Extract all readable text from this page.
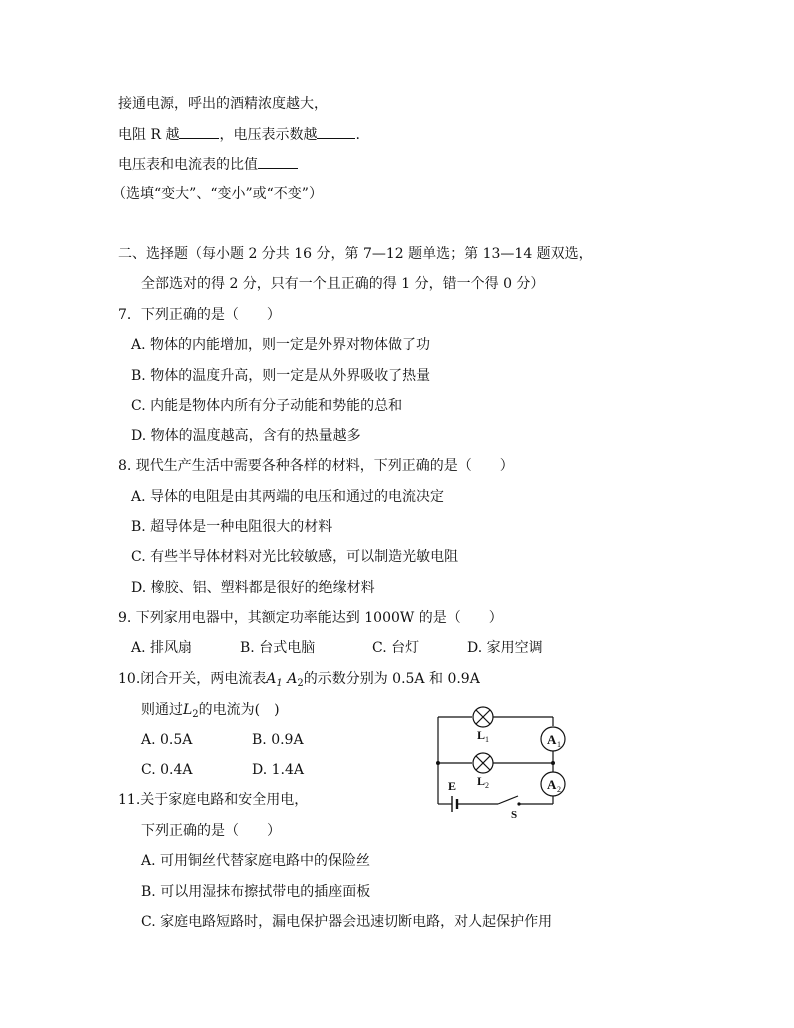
接通电源，呼出的酒精浓度越大，
电阻 R 越	，电压表示数越	.
电压表和电流表的比值
（选填“变大”、“变小”或“不变”）
二、选择题（每小题 2 分共 16 分，第 7—12 题单选；第 13—14 题双选，
全部选对的得 2 分，只有一个且正确的得 1 分，错一个得 0 分）
7．下列正确的是（　　）
A. 物体的内能增加，则一定是外界对物体做了功
B. 物体的温度升高，则一定是从外界吸收了热量
C. 内能是物体内所有分子动能和势能的总和
D. 物体的温度越高，含有的热量越多
8. 现代生产生活中需要各种各样的材料，下列正确的是（　　）
A. 导体的电阻是由其两端的电压和通过的电流决定
B. 超导体是一种电阻很大的材料
C. 有些半导体材料对光比较敏感，可以制造光敏电阻
D. 橡胶、铝、塑料都是很好的绝缘材料
9. 下列家用电器中，其额定功率能达到 1000W 的是（　　）
A. 排风扇	B. 台式电脑	C. 台灯	D. 家用空调
10.闭合开关，两电流表$A_1$ $A_2$的示数分别为 0.5A 和 0.9A
则通过$L_2$的电流为(　)
A. 0.5A	B. 0.9A
C. 0.4A	D. 1.4A
A 1
L 1
L 2	A 2
E
S
11.关于家庭电路和安全用电，
下列正确的是（　　）
A. 可用铜丝代替家庭电路中的保险丝
B. 可以用湿抹布擦拭带电的插座面板
C. 家庭电路短路时，漏电保护器会迅速切断电路，对人起保护作用
